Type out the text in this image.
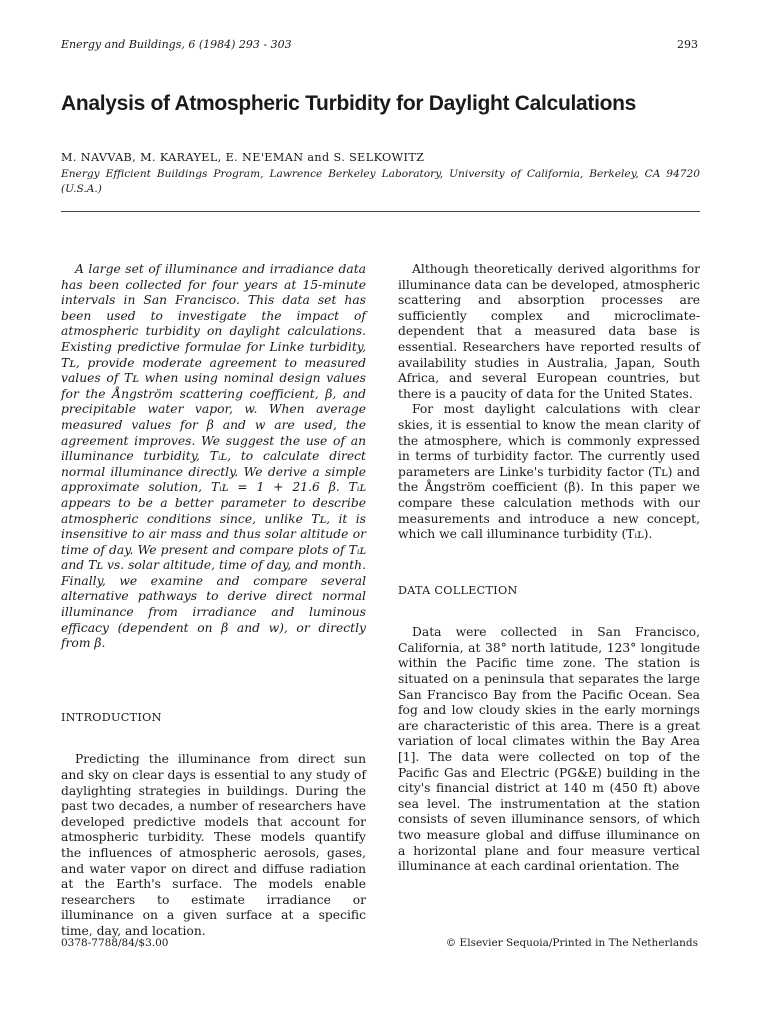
Energy and Buildings, 6 (1984) 293 - 303	293
Analysis of Atmospheric Turbidity for Daylight Calculations
M. NAVVAB, M. KARAYEL, E. NE'EMAN and S. SELKOWITZ
Energy Efficient Buildings Program, Lawrence Berkeley Laboratory, University of California, Berkeley, CA 94720 (U.S.A.)

A large set of illuminance and irradiance data has been collected for four years at 15-minute intervals in San Francisco. This data set has been used to investigate the impact of atmospheric turbidity on daylight calculations. Existing predictive formulae for Linke turbidity, Tʟ, provide moderate agreement to measured values of Tʟ when using nominal design values for the Ångström scattering coefficient, β, and precipitable water vapor, w. When average measured values for β and w are used, the agreement improves. We suggest the use of an illuminance turbidity, Tᵢʟ, to calculate direct normal illuminance directly. We derive a simple approximate solution, Tᵢʟ = 1 + 21.6 β. Tᵢʟ appears to be a better parameter to describe atmospheric conditions since, unlike Tʟ, it is insensitive to air mass and thus solar altitude or time of day. We present and compare plots of Tᵢʟ and Tʟ vs. solar altitude, time of day, and month. Finally, we examine and compare several alternative pathways to derive direct normal illuminance from irradiance and luminous efficacy (dependent on β and w), or directly from β.

INTRODUCTION

Predicting the illuminance from direct sun and sky on clear days is essential to any study of daylighting strategies in buildings. During the past two decades, a number of researchers have developed predictive models that account for atmospheric turbidity. These models quantify the influences of atmospheric aerosols, gases, and water vapor on direct and diffuse radiation at the Earth's surface. The models enable researchers to estimate irradiance or illuminance on a given surface at a specific time, day, and location.

Although theoretically derived algorithms for illuminance data can be developed, atmospheric scattering and absorption processes are sufficiently complex and microclimate-dependent that a measured data base is essential. Researchers have reported results of availability studies in Australia, Japan, South Africa, and several European countries, but there is a paucity of data for the United States.

For most daylight calculations with clear skies, it is essential to know the mean clarity of the atmosphere, which is commonly expressed in terms of turbidity factor. The currently used parameters are Linke's turbidity factor (Tʟ) and the Ångström coefficient (β). In this paper we compare these calculation methods with our measurements and introduce a new concept, which we call illuminance turbidity (Tᵢʟ).

DATA COLLECTION

Data were collected in San Francisco, California, at 38° north latitude, 123° longitude within the Pacific time zone. The station is situated on a peninsula that separates the large San Francisco Bay from the Pacific Ocean. Sea fog and low cloudy skies in the early mornings are characteristic of this area. There is a great variation of local climates within the Bay Area [1]. The data were collected on top of the Pacific Gas and Electric (PG&E) building in the city's financial district at 140 m (450 ft) above sea level. The instrumentation at the station consists of seven illuminance sensors, of which two measure global and diffuse illuminance on a horizontal plane and four measure vertical illuminance at each cardinal orientation. The

0378-7788/84/$3.00	© Elsevier Sequoia/Printed in The Netherlands
